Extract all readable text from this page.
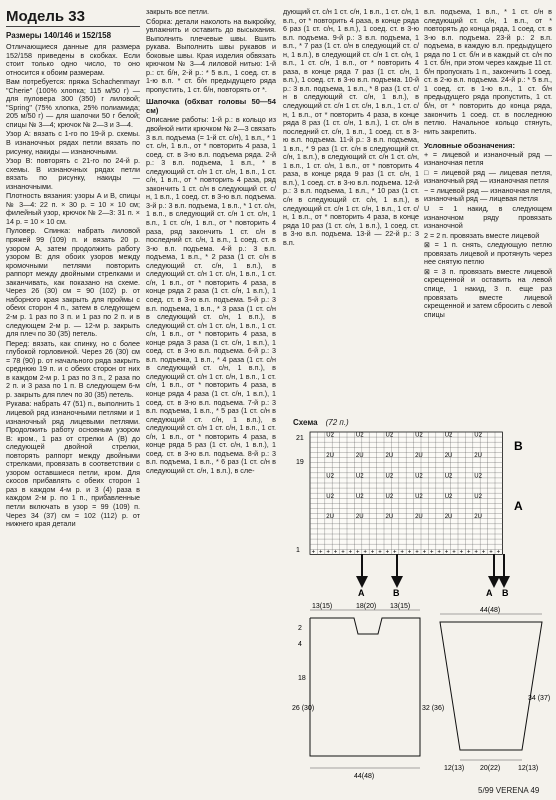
Модель 33
Размеры 140/146 и 152/158

Отличающиеся данные для размера 152/158 приведены в скобках. Если стоит только одно число, то оно относится к обоим размерам.

Вам потребуется: пряжа Schachenmayr "Cherie" (100% хлопка; 115 м/50 г) — для пуловера 300 (350) г лиловой; "Spring" (75% хлопка, 25% полиамида; 205 м/50 г) — для шапочки 50 г белой; спицы № 3—4; крючок № 2—3 и 3—4.

Узор А: вязать с 1-го по 19-й р. схемы. В изнаночных рядах петли вязать по рисунку, накиды — изнаночными.

Узор В: повторять с 21-го по 24-й р. схемы. В изнаночных рядах петли вязать по рисунку, накиды — изнаночными.

Плотность вязания: узоры А и В, спицы № 3—4: 22 п. × 30 р. = 10 × 10 см; филейный узор, крючок № 2—3: 31 п. × 14 р. = 10 × 10 см.

Пуловер. Спинка: набрать лиловой пряжей 99 (109) п. и вязать 20 р. узором А, затем продолжить работу узором В: для обоих узоров между кромочными петлями повторить раппорт между двойными стрелками и заканчивать, как показано на схеме. Через 26 (30) см = 90 (102) р. от наборного края закрыть для проймы с обеих сторон 4 п., затем в следующем 2-м р. 1 раз по 3 п. и 1 раз по 2 п. и в следующем 2-м р. — 12-м р. закрыть для плеч по 30 (35) петель.

Перед: вязать, как спинку, но с более глубокой горловиной. Через 26 (30) см = 78 (90) р. от начального ряда закрыть среднюю 19 п. и с обеих сторон от них в каждом 2-м р. 1 раз по 3 п., 2 раза по 2 п. и 3 раза по 1 п. В следующем 6-м р. закрыть для плеч по 30 (35) петель.

Рукава: набрать 47 (51) п., выполнить 1 лицевой ряд изнаночными петлями и 1 изнаночный ряд лицевыми петлями. Продолжить работу основным узором В: кром., 1 раз от стрелки А (В) до следующей двойной стрелки, повторять раппорт между двойными стрелками, провязать в соответствии с узором оставшиеся петли, кром. Для скосов прибавлять с обеих сторон 1 раз в каждом 4-м р. и 3 (4) раза в каждом 2-м р. по 1 п., прибавленные петли включать в узор = 99 (109) п. Через 34 (37) см = 102 (112) р. от нижнего края детали

закрыть все петли.

Сборка: детали наколоть на выкройку, увлажнить и оставить до высыхания. Выполнить плечевые швы. Вшить рукава. Выполнить швы рукавов и боковые швы. Края изделия обвязать крючком № 3—4 лиловой нитью: 1-й р.: ст. б/н, 2-й р.: * 5 в.п., 1 соед. ст. в 1-ю в.п. * ст. б/н предыдущего ряда пропустить, 1 ст. б/н, повторять от *.

Шапочка (обхват головы 50—54 см)

Описание работы: 1-й р.: в кольцо из двойной нити крючком № 2—3 связать 3 в.п. подъема (= 1-й ст. с/н), 1 в.п., * 1 ст. с/н, 1 в.п., от * повторить 4 раза, 1 соед. ст. в 3-ю в.п. подъема ряда. 2-й р.: 3 в.п. подъема, 1 в.п., * в следующий ст. с/н 1 ст. с/н, 1 в.п., 1 ст. с/н, 1 в.п., от * повторить 4 раза, ряд закончить 1 ст. с/н в следующий ст. с/н, 1 в.п., 1 соед. ст. в 3-ю в.п. подъема. 3-й р.: 3 в.п. подъема, 1 в.п., * 1 ст. с/н, 1 в.п., в следующий ст. с/н 1 ст. с/н, 1 в.п., 1 ст. с/н, 1 в.п., от * повторить 4 раза, ряд закончить 1 ст. с/н в последний ст. с/н, 1 в.п., 1 соед. ст. в 3-ю в.п. подъема. 4-й р.: 3 в.п. подъема, 1 в.п., * 2 раза (1 ст. с/н в следующий ст. с/н, 1 в.п.), в следующий ст. с/н 1 ст. с/н, 1 в.п., 1 ст. с/н, 1 в.п., от * повторить 4 раза, в конце ряда 2 раза (1 ст. с/н, 1 в.п.), 1 соед. ст. в 3-ю в.п. подъема. 5-й р.: 3 в.п. подъема, 1 в.п., * 3 раза (1 ст. с/н в следующий ст. с/н, 1 в.п.), в следующий ст. с/н 1 ст. с/н, 1 в.п., 1 ст. с/н, 1 в.п., от * повторить 4 раза, в конце ряда 3 раза (1 ст. с/н, 1 в.п.), 1 соед. ст. в 3-ю в.п. подъема. 6-й р.: 3 в.п. подъема, 1 в.п., * 4 раза (1 ст. с/н в следующий ст. с/н, 1 в.п.), в следующий ст. с/н 1 ст. с/н, 1 в.п., 1 ст. с/н, 1 в.п., от * повторить 4 раза, в конце ряда 4 раза (1 ст. с/н, 1 в.п.), 1 соед. ст. в 3-ю в.п. подъема. 7-й р.: 3 в.п. подъема, 1 в.п., * 5 раз (1 ст. с/н в следующий ст. с/н, 1 в.п.), в следующий ст. с/н 1 ст. с/н, 1 в.п., 1 ст. с/н, 1 в.п., от * повторить 4 раза, в конце ряда 5 раз (1 ст. с/н, 1 в.п.), 1 соед. ст. в 3-ю в.п. подъема. 8-й р.: 3 в.п. подъема, 1 в.п., * 6 раз (1 ст. с/н в следующий ст. с/н, 1 в.п.), в сле-

дующий ст. с/н 1 ст. с/н, 1 в.п., 1 ст. с/н, 1 в.п., от * повторить 4 раза, в конце ряда 6 раз (1 ст. с/н, 1 в.п.), 1 соед. ст. в 3-ю в.п. подъема. 9-й р.: 3 в.п. подъема, 1 в.п., * 7 раз (1 ст. с/н в следующий ст. с/н, 1 в.п.), в следующий ст. с/н 1 ст. с/н, 1 в.п., 1 ст. с/н, 1 в.п., от * повторить 4 раза, в конце ряда 7 раз (1 ст. с/н, 1 в.п.), 1 соед. ст. в 3-ю в.п. подъема. 10-й р.: 3 в.п. подъема, 1 в.п., * 8 раз (1 ст. с/н в следующий ст. с/н, 1 в.п.), в следующий ст. с/н 1 ст. с/н, 1 в.п., 1 ст. с/н, 1 в.п., от * повторить 4 раза, в конце ряда 8 раз (1 ст. с/н, 1 в.п.), 1 ст. с/н в последний ст. с/н, 1 в.п., 1 соед. ст. в 3-ю в.п. подъема. 11-й р.: 3 в.п. подъема, 1 в.п., * 9 раз (1 ст. с/н в следующий ст. с/н, 1 в.п.), в следующий ст. с/н 1 ст. с/н, 1 в.п., 1 ст. с/н, 1 в.п., от * повторить 4 раза, в конце ряда 9 раз (1 ст. с/н, 1 в.п.), 1 соед. ст. в 3-ю в.п. подъема. 12-й р.: 3 в.п. подъема, 1 в.п., * 10 раз (1 ст. с/н в следующий ст. с/н, 1 в.п.), в следующий ст. с/н 1 ст. с/н, 1 в.п., 1 ст. с/н, 1 в.п., от * повторить 4 раза, в конце ряда 10 раз (1 ст. с/н, 1 в.п.), 1 соед. ст. в 3-ю в.п. подъема. 13-й — 22-й р.: 3 в.п.

в.п. подъема, 1 в.п., * 1 ст. с/н в следующий ст. с/н, 1 в.п., от * повторять до конца ряда, 1 соед. ст. в 3-ю в.п. подъема. 23-й р.: 2 в.п. подъема, в каждую в.п. предыдущего ряда по 1 ст. б/н и в каждый ст. с/н по 1 ст. б/н, при этом через каждые 11 ст. б/н пропускать 1 п., закончить 1 соед. ст. в 2-ю в.п. подъема. 24-й р.: * 5 в.п., 1 соед. ст. в 1-ю в.п., 1 ст. б/н предыдущего ряда пропустить, 1 ст. б/н, от * повторить до конца ряда, закончить 1 соед. ст. в последнюю петлю. Начальное кольцо стянуть, нить закрепить.

Условные обозначения:

+ = лицевой и изнаночный ряд — изнаночная петля

□ = лицевой ряд — лицевая петля, изнаночный ряд — изнаночная петля

− = лицевой ряд — изнаночная петля, изнаночный ряд — лицевая петля

U = 1 накид, в следующем изнаночном ряду провязать изнаночной

2 = 2 п. провязать вместе лицевой

⊠ = 1 п. снять, следующую петлю провязать лицевой и протянуть через нее снятую петлю

⊠ = 3 п. провязать вместе лицевой скрещенной и оставить на левой спице, 1 накид, 3 п. еще раз провязать вместе лицевой скрещенной и затем сбросить с левой спицы

Схема (72 п.)
U2	U2	U2	U2	U2	U2
2U	2U	2U	2U	2U	2U
U2	U2	U2	U2	U2	U2
U2	U2	U2	U2	U2	U2
2U	2U	2U	2U	2U	2U
+ + + + + + + + + + + + + + + + + + + + + + + + + +
21
19
1
B
A
B
A	A B
13(15)	18(20) 13(15)
2
4
26 (30)
18
32 (36)
44(48)
44(48)
34 (37)
20(22)
12(13)	12(13)
5/99 VERENA 49
